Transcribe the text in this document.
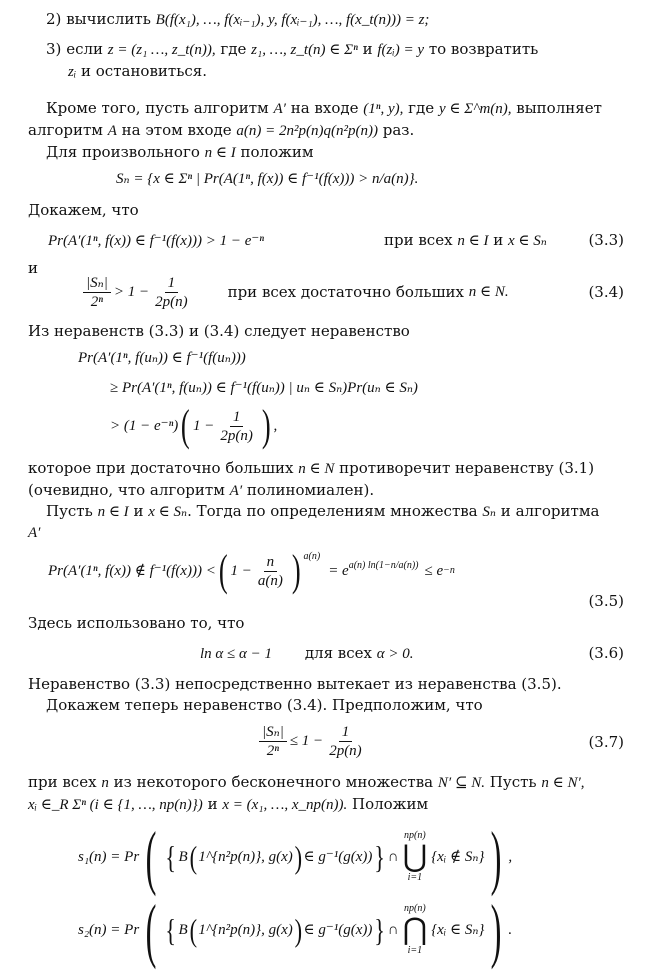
2) вычислить B(f(x₁), …, f(xᵢ₋₁), y, f(xᵢ₋₁), …, f(x_t(n))) = z;
3) если z = (z₁ …, z_t(n)), где z₁, …, z_t(n) ∈ Σⁿ и f(zᵢ) = y то возвратить
zᵢ и остановиться.
Кроме того, пусть алгоритм A′ на входе (1ⁿ, y), где y ∈ Σ^m(n), выполняет
алгоритм A на этом входе a(n) = 2n²p(n)q(n²p(n)) раз.
Для произвольного n ∈ I положим
Sₙ = {x ∈ Σⁿ | Pr(A(1ⁿ, f(x)) ∈ f⁻¹(f(x))) > n/a(n)}.
Докажем, что
Pr(A′(1ⁿ, f(x)) ∈ f⁻¹(f(x))) > 1 − e⁻ⁿ	при всех n ∈ I и x ∈ Sₙ	(3.3)
и
$\frac{\text{|Sₙ|}}{\text{2ⁿ}} > 1 - \frac{1}{2p(n)}$ при всех достаточно больших
n ∈ N.	(3.4)
Из неравенств (3.3) и (3.4) следует неравенство
Pr(A′(1ⁿ, f(uₙ)) ∈ f⁻¹(f(uₙ)))
≥ Pr(A′(1ⁿ, f(uₙ)) ∈ f⁻¹(f(uₙ)) | uₙ ∈ Sₙ)Pr(uₙ ∈ Sₙ)
> (1 − e⁻ⁿ) ( $1 - \frac{1}{2p(n)}$ ) ,
которое при достаточно больших n ∈ N противоречит неравенству (3.1)
(очевидно, что алгоритм A′ полиномиален).
Пусть n ∈ I и x ∈ Sₙ. Тогда по определениям множества Sₙ и алгоритма
A′
Pr(A′(1ⁿ, f(x)) ∉ f⁻¹(f(x))) < ( $1 - \frac{n}{a(n)}$ ) $^{a(n)}$
= $e^{a(n) ln(1-n/a(n))} \le e -n$
(3.5)
Здесь использовано то, что
ln α ≤ α − 1 для всех α > 0.	(3.6)
Неравенство (3.3) непосредственно вытекает из неравенства (3.5).
Докажем теперь неравенство (3.4). Предположим, что
$\frac{\text{|Sₙ|}}{\text{2ⁿ}} \le 1 - \frac{1}{2p(n)}$	(3.7)
при всех n из некоторого бесконечного множества N′ ⊆ N. Пусть n ∈ N′,
xᵢ ∈_R Σⁿ (i ∈ {1, …, np(n)}) и x = (x₁, …, x_np(n)). Положим
s₁(n) = Pr ( { B ( 1^{n²p(n)}, g(x) ) ∈ g⁻¹(g(x)) } ∩
np(n)
⋃
i=1
{xᵢ ∉ Sₙ} ) ,
s₂(n) = Pr ( { B ( 1^{n²p(n)}, g(x) ) ∈ g⁻¹(g(x)) } ∩
np(n)
⋂
i=1
{xᵢ ∈ Sₙ} ) .
